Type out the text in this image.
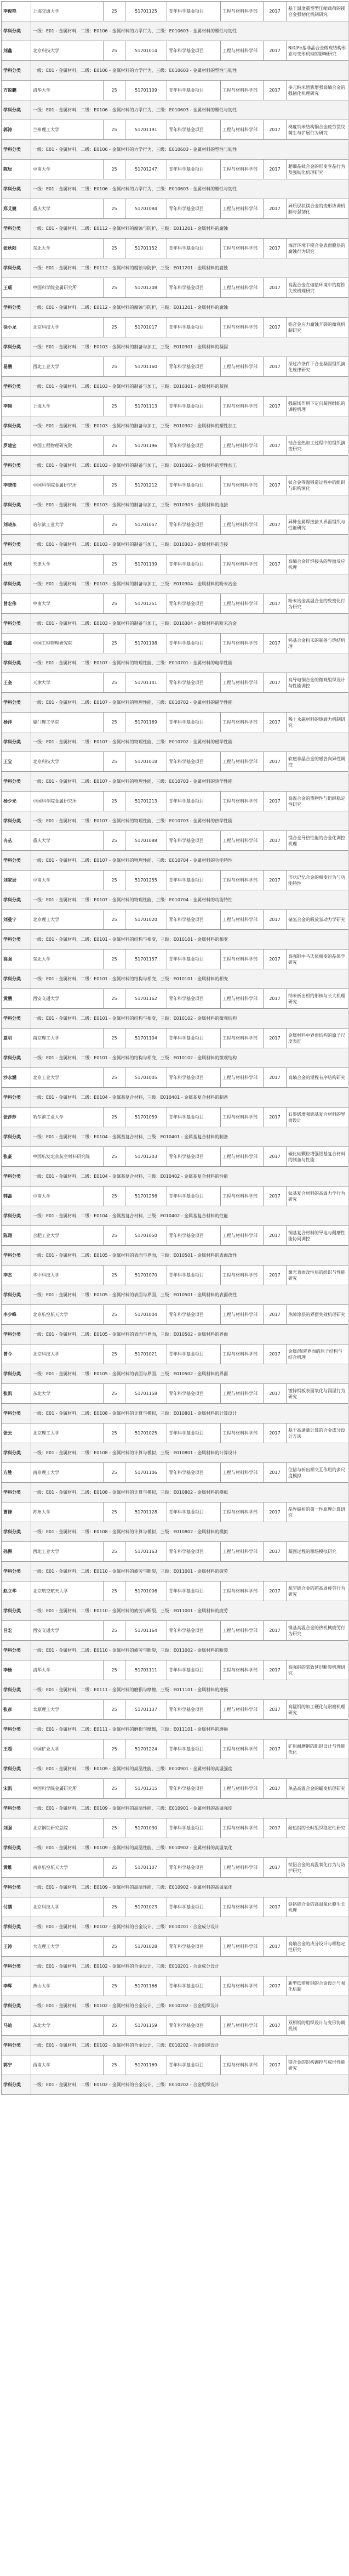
李俊艳	上海交通大学	25	51701125	青年科学基金项目	工程与材料科学部	2017	基于温度重塑型压缩载荷的镁合金强韧化机制研究
学科分类	一级：E01 - 金属材料，二级：E0106 - 金属材料的力学行为，三级：E010603 - 金属材料的塑性与韧性						
刘鑫	北京科技大学	25	51701014	青年科学基金项目	工程与材料科学部	2017	Ni对Fe基非晶合金微观结构形态与变形机理的影响研究
学科分类	一级：E01 - 金属材料，二级：E0106 - 金属材料的力学行为，三级：E010603 - 金属材料的塑性与韧性						
方锐鹏	清华大学	25	51701109	青年科学基金项目	工程与材料科学部	2017	多元纳米团簇增强高熵合金的强韧化机理研究
学科分类	一级：E01 - 金属材料，二级：E0106 - 金属材料的力学行为，三级：E010603 - 金属材料的塑性与韧性						
郭涛	兰州理工大学	25	51701191	青年科学基金项目	工程与材料科学部	2017	梯度纳米结构铜合金疲劳裂纹萌生与扩展行为研究
学科分类	一级：E01 - 金属材料，二级：E0106 - 金属材料的力学行为，三级：E010603 - 金属材料的塑性与韧性						
陈辰	中南大学	25	51701247	青年科学基金项目	工程与材料科学部	2017	超细晶钛合金的形变孪晶行为及强韧化机理研究
学科分类	一级：E01 - 金属材料，二级：E0106 - 金属材料的力学行为，三级：E010603 - 金属材料的塑性与韧性						
郑艾婕	重庆大学	25	51701084	青年科学基金项目	工程与材料科学部	2017	异质层状镁合金的变形协调机制与强韧化
学科分类	一级：E01 - 金属材料，二级：E0112 - 金属材料的腐蚀与防护，三级：E011201 - 金属材料的腐蚀						
张秋阳	东北大学	25	51701152	青年科学基金项目	工程与材料科学部	2017	海洋环境下镁合金表面膜层的腐蚀行为研究
学科分类	一级：E01 - 金属材料，二级：E0112 - 金属材料的腐蚀与防护，三级：E011201 - 金属材料的腐蚀						
王瑶	中国科学院金属研究所	25	51701208	青年科学基金项目	工程与材料科学部	2017	高温合金在熔盐环境中的腐蚀失效机理研究
学科分类	一级：E01 - 金属材料，二级：E0112 - 金属材料的腐蚀与防护，三级：E011201 - 金属材料的腐蚀						
徐小龙	北京科技大学	25	51701017	青年科学基金项目	工程与材料科学部	2017	铝合金应力腐蚀开裂的微观机制研究
学科分类	一级：E01 - 金属材料，二级：E0103 - 金属材料的制备与加工，三级：E010301 - 金属材料的凝固						
易鹏	西北工业大学	25	51701160	青年科学基金项目	工程与材料科学部	2017	深过冷条件下合金凝固组织演化规律研究
学科分类	一级：E01 - 金属材料，二级：E0103 - 金属材料的制备与加工，三级：E010301 - 金属材料的凝固						
李翔	上海大学	25	51701113	青年科学基金项目	工程与材料科学部	2017	强磁场作用下定向凝固组织的调控机理
学科分类	一级：E01 - 金属材料，二级：E0103 - 金属材料的制备与加工，三级：E010302 - 金属材料的塑性加工						
罗建宏	中国工程物理研究院	25	51701196	青年科学基金项目	工程与材料科学部	2017	铀合金热加工过程中的组织演变研究
学科分类	一级：E01 - 金属材料，二级：E0103 - 金属材料的制备与加工，三级：E010302 - 金属材料的塑性加工						
李晓伟	中国科学院金属研究所	25	51701212	青年科学基金项目	工程与材料科学部	2017	钛合金等温锻造过程中的组织与织构演化
学科分类	一级：E01 - 金属材料，二级：E0103 - 金属材料的制备与加工，三级：E010303 - 金属材料的连接						
刘晓东	哈尔滨工业大学	25	51701057	青年科学基金项目	工程与材料科学部	2017	异种金属焊接接头界面组织与性能研究
学科分类	一级：E01 - 金属材料，二级：E0103 - 金属材料的制备与加工，三级：E010303 - 金属材料的连接						
杜欣	天津大学	25	51701139	青年科学基金项目	工程与材料科学部	2017	高熵合金钎焊接头的界面反应机理
学科分类	一级：E01 - 金属材料，二级：E0103 - 金属材料的制备与加工，三级：E010304 - 金属材料的粉末冶金						
曾宏伟	中南大学	25	51701251	青年科学基金项目	工程与材料科学部	2017	粉末冶金高温合金的致密化行为研究
学科分类	一级：E01 - 金属材料，二级：E0103 - 金属材料的制备与加工，三级：E010304 - 金属材料的粉末冶金						
钱鑫	中国工程物理研究院	25	51701198	青年科学基金项目	工程与材料科学部	2017	钨基合金粉末的制备与烧结机理
学科分类	一级：E01 - 金属材料，二级：E0107 - 金属材料的物理性能，三级：E010701 - 金属材料的电学性能						
王奎	天津大学	25	51701141	青年科学基金项目	工程与材料科学部	2017	高导电铜合金的微观组织设计与性能调控
学科分类	一级：E01 - 金属材料，二级：E0107 - 金属材料的物理性能，三级：E010702 - 金属材料的磁学性能						
杨洋	厦门理工学院	25	51701169	青年科学基金项目	工程与材料科学部	2017	稀土永磁材料的矫顽力机制研究
学科分类	一级：E01 - 金属材料，二级：E0107 - 金属材料的物理性能，三级：E010702 - 金属材料的磁学性能						
王宝	北京科技大学	25	51701018	青年科学基金项目	工程与材料科学部	2017	软磁非晶合金的磁各向异性调控
学科分类	一级：E01 - 金属材料，二级：E0107 - 金属材料的物理性能，三级：E010703 - 金属材料的热学性能						
杨少光	中国科学院金属研究所	25	51701213	青年科学基金项目	工程与材料科学部	2017	高温合金的热物性与组织稳定性研究
学科分类	一级：E01 - 金属材料，二级：E0107 - 金属材料的物理性能，三级：E010703 - 金属材料的热学性能						
冉丛	重庆大学	25	51701088	青年科学基金项目	工程与材料科学部	2017	镁合金导热性能的合金化调控机理
学科分类	一级：E01 - 金属材料，二级：E0107 - 金属材料的物理性能，三级：E010704 - 金属材料的功能特性						
刘家辰	中南大学	25	51701255	青年科学基金项目	工程与材料科学部	2017	形状记忆合金的相变行为与功能特性
学科分类	一级：E01 - 金属材料，二级：E0107 - 金属材料的物理性能，三级：E010704 - 金属材料的功能特性						
刘曼宁	北京理工大学	25	51701020	青年科学基金项目	工程与材料科学部	2017	储氢合金的吸放氢动力学研究
学科分类	一级：E01 - 金属材料，二级：E0101 - 金属材料的结构与相变，三级：E010101 - 金属材料的相变						
高强	东北大学	25	51701157	青年科学基金项目	工程与材料科学部	2017	高强钢中马氏体相变的晶体学研究
学科分类	一级：E01 - 金属材料，二级：E0101 - 金属材料的结构与相变，三级：E010101 - 金属材料的相变						
黄鹏	西安交通大学	25	51701162	青年科学基金项目	工程与材料科学部	2017	纳米析出相的形核与长大机理研究
学科分类	一级：E01 - 金属材料，二级：E0101 - 金属材料的结构与相变，三级：E010102 - 金属材料的微观结构						
夏明	南京理工大学	25	51701104	青年科学基金项目	工程与材料科学部	2017	金属材料中界面结构的原子尺度表征
学科分类	一级：E01 - 金属材料，二级：E0101 - 金属材料的结构与相变，三级：E010102 - 金属材料的微观结构						
沙永涵	北京工业大学	25	51701005	青年科学基金项目	工程与材料科学部	2017	高熵合金的短程有序结构研究
学科分类	一级：E01 - 金属材料，二级：E0104 - 金属基复合材料，三级：E010401 - 金属基复合材料的制备						
张莎莎	哈尔滨工业大学	25	51701059	青年科学基金项目	工程与材料科学部	2017	石墨烯增强铝基复合材料的界面设计
学科分类	一级：E01 - 金属材料，二级：E0104 - 金属基复合材料，三级：E010401 - 金属基复合材料的制备						
张豪	中国航发北京航空材料研究院	25	51701203	青年科学基金项目	工程与材料科学部	2017	碳化硅颗粒增强铝基复合材料的制备与性能
学科分类	一级：E01 - 金属材料，二级：E0104 - 金属基复合材料，三级：E010402 - 金属基复合材料的性能						
韩磊	中南大学	25	51701256	青年科学基金项目	工程与材料科学部	2017	钛基复合材料的高温力学行为研究
学科分类	一级：E01 - 金属材料，二级：E0104 - 金属基复合材料，三级：E010402 - 金属基复合材料的性能						
陈翔	合肥工业大学	25	51701050	青年科学基金项目	工程与材料科学部	2017	铜基复合材料的导电与耐磨性能协同调控
学科分类	一级：E01 - 金属材料，二级：E0105 - 金属材料的表面与界面，三级：E010501 - 金属材料的表面改性						
李杰	华中科技大学	25	51701070	青年科学基金项目	工程与材料科学部	2017	激光表面改性层的组织与性能研究
学科分类	一级：E01 - 金属材料，二级：E0105 - 金属材料的表面与界面，三级：E010501 - 金属材料的表面改性						
李少峰	北京航空航天大学	25	51701004	青年科学基金项目	工程与材料科学部	2017	热障涂层的界面失效机理研究
学科分类	一级：E01 - 金属材料，二级：E0105 - 金属材料的表面与界面，三级：E010502 - 金属材料的界面						
曾令	北京科技大学	25	51701021	青年科学基金项目	工程与材料科学部	2017	金属/陶瓷界面的原子结构与结合机理
学科分类	一级：E01 - 金属材料，二级：E0105 - 金属材料的表面与界面，三级：E010502 - 金属材料的界面						
张凯	东北大学	25	51701158	青年科学基金项目	工程与材料科学部	2017	镀锌钢板表面氧化与润湿行为研究
学科分类	一级：E01 - 金属材料，二级：E0108 - 金属材料的计算与模拟，三级：E010801 - 金属材料的计算设计						
张云	北京理工大学	25	51701025	青年科学基金项目	工程与材料科学部	2017	基于高通量计算的合金成分设计方法
学科分类	一级：E01 - 金属材料，二级：E0108 - 金属材料的计算与模拟，三级：E010801 - 金属材料的计算设计						
方胜	南京理工大学	25	51701106	青年科学基金项目	工程与材料科学部	2017	位错与析出相交互作用的多尺度模拟
学科分类	一级：E01 - 金属材料，二级：E0108 - 金属材料的计算与模拟，三级：E010802 - 金属材料的模拟						
曹锋	苏州大学	25	51701128	青年科学基金项目	工程与材料科学部	2017	晶界偏析的第一性原理计算研究
学科分类	一级：E01 - 金属材料，二级：E0108 - 金属材料的计算与模拟，三级：E010802 - 金属材料的模拟						
孙洲	西北工业大学	25	51701163	青年科学基金项目	工程与材料科学部	2017	凝固过程的相场模拟研究
学科分类	一级：E01 - 金属材料，二级：E0110 - 金属材料的疲劳与断裂，三级：E011001 - 金属材料的疲劳						
赵立华	北京航空航天大学	25	51701006	青年科学基金项目	工程与材料科学部	2017	航空铝合金的超高周疲劳行为研究
学科分类	一级：E01 - 金属材料，二级：E0110 - 金属材料的疲劳与断裂，三级：E011001 - 金属材料的疲劳						
吕宏	西安交通大学	25	51701164	青年科学基金项目	工程与材料科学部	2017	镍基高温合金的热机械疲劳行为研究
学科分类	一级：E01 - 金属材料，二级：E0110 - 金属材料的疲劳与断裂，三级：E011002 - 金属材料的断裂						
李杨	清华大学	25	51701111	青年科学基金项目	工程与材料科学部	2017	高强钢的氢致延迟断裂机理研究
学科分类	一级：E01 - 金属材料，二级：E0111 - 金属材料的磨损与摩擦，三级：E011101 - 金属材料的磨损						
张彦	太原理工大学	25	51701137	青年科学基金项目	工程与材料科学部	2017	高锰钢的加工硬化与耐磨机理研究
学科分类	一级：E01 - 金属材料，二级：E0111 - 金属材料的磨损与摩擦，三级：E011101 - 金属材料的磨损						
王超	中国矿业大学	25	51701224	青年科学基金项目	工程与材料科学部	2017	矿用耐磨钢的组织设计与性能优化
学科分类	一级：E01 - 金属材料，二级：E0109 - 金属材料的高温性能，三级：E010901 - 金属材料的高温强度						
宋凯	中国科学院金属研究所	25	51701215	青年科学基金项目	工程与材料科学部	2017	单晶高温合金的蠕变机理研究
学科分类	一级：E01 - 金属材料，二级：E0109 - 金属材料的高温性能，三级：E010901 - 金属材料的高温强度						
刘强	北京钢铁研究总院	25	51701030	青年科学基金项目	工程与材料科学部	2017	耐热钢的长时组织稳定性研究
学科分类	一级：E01 - 金属材料，二级：E0109 - 金属材料的高温性能，三级：E010902 - 金属材料的高温氧化						
黄维	南京航空航天大学	25	51701107	青年科学基金项目	工程与材料科学部	2017	钛铝合金的高温氧化行为与防护研究
学科分类	一级：E01 - 金属材料，二级：E0109 - 金属材料的高温性能，三级：E010902 - 金属材料的高温氧化						
付鹏	北京科技大学	25	51701023	青年科学基金项目	工程与材料科学部	2017	铁铬铝合金的高温氧化膜生长机理
学科分类	一级：E01 - 金属材料，二级：E0102 - 金属材料的合金设计，三级：E010201 - 合金成分设计						
王涛	大连理工大学	25	51701028	青年科学基金项目	工程与材料科学部	2017	高熵合金的成分设计与相稳定性研究
学科分类	一级：E01 - 金属材料，二级：E0102 - 金属材料的合金设计，三级：E010201 - 合金成分设计						
李辉	燕山大学	25	51701166	青年科学基金项目	工程与材料科学部	2017	新型低密度钢的合金设计与强化机制
学科分类	一级：E01 - 金属材料，二级：E0102 - 金属材料的合金设计，三级：E010202 - 合金组织设计						
马迪	东北大学	25	51701159	青年科学基金项目	工程与材料科学部	2017	双相钢的组织设计与变形协调机制
学科分类	一级：E01 - 金属材料，二级：E0102 - 金属材料的合金设计，三级：E010202 - 合金组织设计						
郭宁	西南大学	25	51701169	青年科学基金项目	工程与材料科学部	2017	镁合金的织构调控与成形性能研究
学科分类	一级：E01 - 金属材料，二级：E0102 - 金属材料的合金设计，三级：E010202 - 合金组织设计						
